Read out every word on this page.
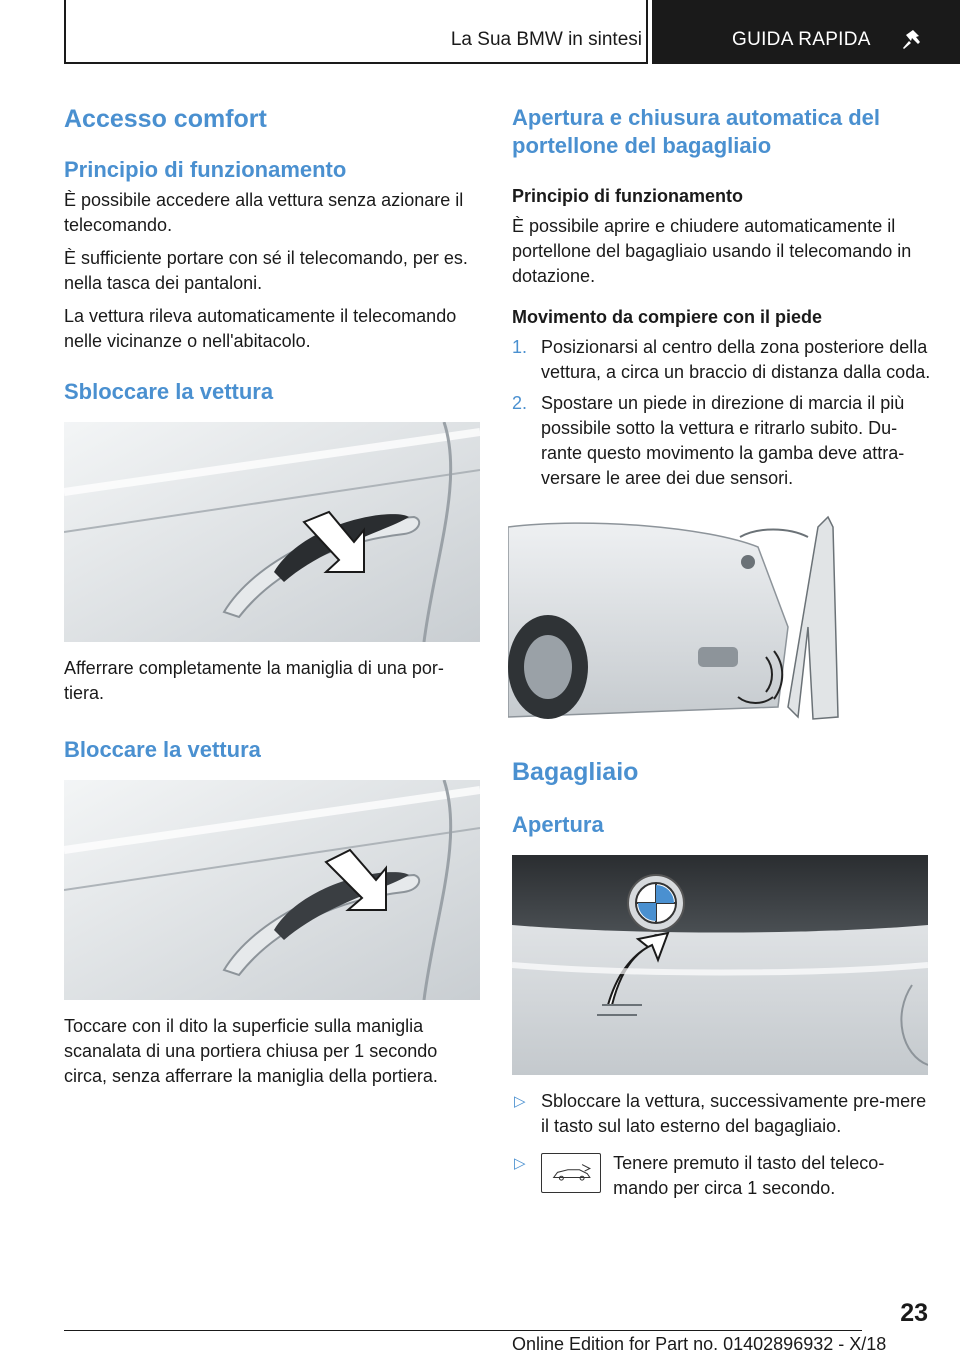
La Sua BMW in sintesi	GUIDA RAPIDA
Accesso comfort
Principio di funzionamento

È possibile accedere alla vettura senza azionare il telecomando.

È sufficiente portare con sé il telecomando, per es. nella tasca dei pantaloni.

La vettura rileva automaticamente il telecomando nelle vicinanze o nell'abitacolo.

Sbloccare la vettura

Afferrare completamente la maniglia di una por-tiera.

Bloccare la vettura

Toccare con il dito la superficie sulla maniglia scanalata di una portiera chiusa per 1 secondo circa, senza afferrare la maniglia della portiera.

Apertura e chiusura automatica del portellone del bagagliaio
Principio di funzionamento

È possibile aprire e chiudere automaticamente il portellone del bagagliaio usando il telecomando in dotazione.

Movimento da compiere con il piede
1. Posizionarsi al centro della zona posteriore della vettura, a circa un braccio di distanza dalla coda.
2. Spostare un piede in direzione di marcia il più possibile sotto la vettura e ritrarlo subito. Du-rante questo movimento la gamba deve attra-versare le aree dei due sensori.
Bagagliaio
Apertura
▷ Sbloccare la vettura, successivamente pre-mere il tasto sul lato esterno del bagagliaio.
▷	Tenere premuto il tasto del teleco-mando per circa 1 secondo.
23
Online Edition for Part no. 01402896932 - X/18
